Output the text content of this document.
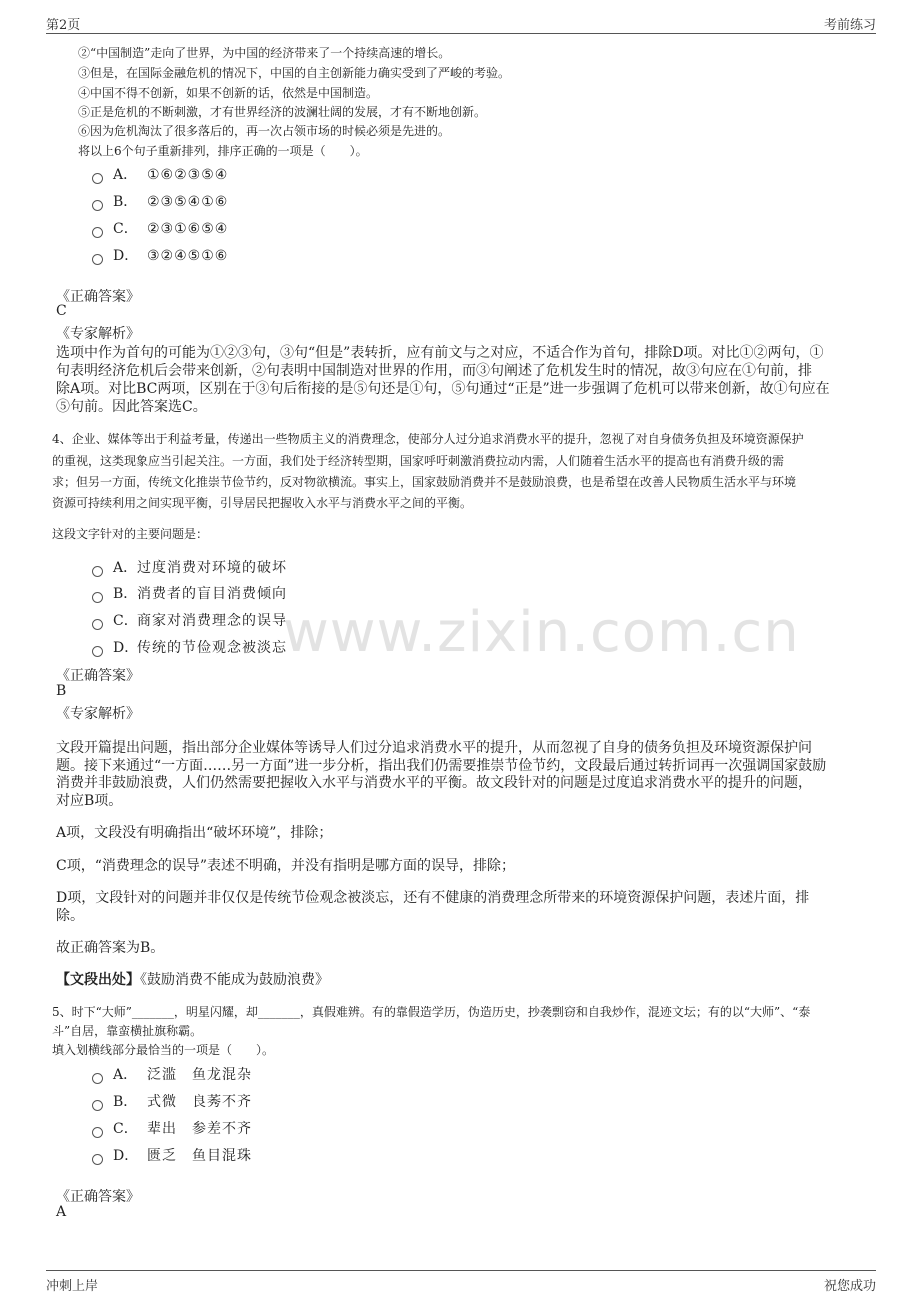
第2页	考前练习
www.zixin.com.cn
②“中国制造”走向了世界，为中国的经济带来了一个持续高速的增长。
③但是，在国际金融危机的情况下，中国的自主创新能力确实受到了严峻的考验。
④中国不得不创新，如果不创新的话，依然是中国制造。
⑤正是危机的不断刺激，才有世界经济的波澜壮阔的发展，才有不断地创新。
⑥因为危机淘汰了很多落后的，再一次占领市场的时候必须是先进的。
将以上6个句子重新排列，排序正确的一项是（　　）。
A． ①⑥②③⑤④
B． ②③⑤④①⑥
C． ②③①⑥⑤④
D． ③②④⑤①⑥
《正确答案》
C
《专家解析》
选项中作为首句的可能为①②③句，③句“但是”表转折，应有前文与之对应，不适合作为首句，排除D项。对比①②两句，①
句表明经济危机后会带来创新，②句表明中国制造对世界的作用，而③句阐述了危机发生时的情况，故③句应在①句前，排
除A项。对比BC两项，区别在于③句后衔接的是⑤句还是①句，⑤句通过“正是”进一步强调了危机可以带来创新，故①句应在
⑤句前。因此答案选C。
4、企业、媒体等出于利益考量，传递出一些物质主义的消费理念，使部分人过分追求消费水平的提升，忽视了对自身债务负担及环境资源保护
的重视，这类现象应当引起关注。一方面，我们处于经济转型期，国家呼吁刺激消费拉动内需，人们随着生活水平的提高也有消费升级的需
求；但另一方面，传统文化推崇节俭节约，反对物欲横流。事实上，国家鼓励消费并不是鼓励浪费，也是希望在改善人民物质生活水平与环境
资源可持续利用之间实现平衡，引导居民把握收入水平与消费水平之间的平衡。
这段文字针对的主要问题是：
A．过度消费对环境的破坏
B．消费者的盲目消费倾向
C．商家对消费理念的误导
D．传统的节俭观念被淡忘
《正确答案》
B
《专家解析》
文段开篇提出问题，指出部分企业媒体等诱导人们过分追求消费水平的提升，从而忽视了自身的债务负担及环境资源保护问
题。接下来通过“一方面……另一方面”进一步分析，指出我们仍需要推崇节俭节约，文段最后通过转折词再一次强调国家鼓励
消费并非鼓励浪费，人们仍然需要把握收入水平与消费水平的平衡。故文段针对的问题是过度追求消费水平的提升的问题，
对应B项。
A项，文段没有明确指出“破坏环境”，排除；
C项，“消费理念的误导”表述不明确，并没有指明是哪方面的误导，排除；
D项，文段针对的问题并非仅仅是传统节俭观念被淡忘，还有不健康的消费理念所带来的环境资源保护问题，表述片面，排
除。
故正确答案为B。
【文段出处】《鼓励消费不能成为鼓励浪费》
5、时下“大师”_______，明星闪耀，却_______，真假难辨。有的靠假造学历，伪造历史，抄袭剽窃和自我炒作，混迹文坛；有的以“大师”、“泰
斗”自居，靠蛮横扯旗称霸。
填入划横线部分最恰当的一项是（　　）。
A． 泛滥　鱼龙混杂
B． 式微　良莠不齐
C． 辈出　参差不齐
D． 匮乏　鱼目混珠
《正确答案》
A
冲刺上岸	祝您成功
